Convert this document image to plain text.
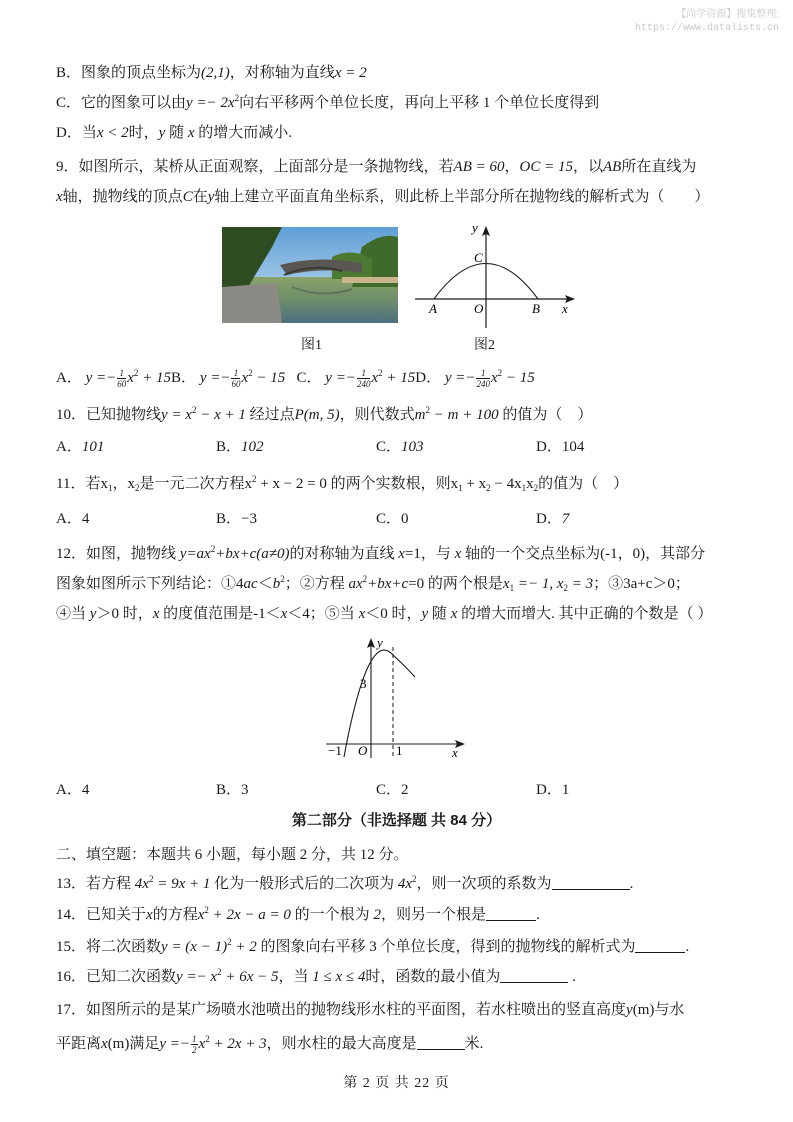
【尚学资源】搜集整理:
https://www.datalists.cn
B．图象的顶点坐标为(2,1)，对称轴为直线x = 2
C．它的图象可以由$y =- 2x^2$向右平移两个单位长度，再向上平移 1 个单位长度得到
D．当x < 2时，y 随 x 的增大而减小.
9．如图所示，某桥从正面观察，上面部分是一条抛物线，若AB = 60，OC = 15，以AB所在直线为
x轴，抛物线的顶点C在y轴上建立平面直角坐标系，则此桥上半部分所在抛物线的解析式为（　　）
图1
y
C
A	O	B x
图2
A． $y =- \frac{1}{60} x^2 + 15B$． $y =- \frac{1}{60} x^2 - 15$ C． $y =- \frac{1}{240} x^2 + 15D$． $y =- \frac{1}{240} x^2 - 15$
10．已知抛物线$y = x^2 - x + 1$ 经过点P(m, 5)，则代数式$m^2 - m + 100$ 的值为（　）
A．101	B．102	C．103	D．104
11．若$x_1$，$x_2$是一元二次方程$x^2 + x - 2 = 0$ 的两个实数根，则$x_1 + x_2 - 4x_1x_2$的值为（　）
A．4	B．−3	C．0	D．7
12．如图，抛物线 $y=ax^2+bx+c(a\ne 0)$的对称轴为直线 x=1，与 x 轴的一个交点坐标为(-1，0)，其部分
图象如图所示下列结论：$①4ac<b^2$；②方程 $ax^2+bx+c=0$ 的两个根是$x_1 =- 1$, $x_2 = 3$；③3a+c＞0；
④当 y＞0 时，x 的度值范围是-1＜x＜4；⑤当 x＜0 时，y 随 x 的增大而增大. 其中正确的个数是（ ）
y
3
−1 O 1	x
A．4	B．3	C．2	D．1
第二部分（非选择题 共 84 分）
二、填空题：本题共 6 小题，每小题 2 分，共 12 分。
13．若方程 $4x^2 = 9x + 1$ 化为一般形式后的二次项为 $4x^2$，则一次项的系数为	.
14．已知关于x的方程$x^2 + 2x - a = 0$ 的一个根为 2，则另一个根是	.
15．将二次函数$y = (x - 1)^2 + 2$ 的图象向右平移 3 个单位长度，得到的抛物线的解析式为	.
16．已知二次函数$y =- x^2 + 6x - 5$，当 1 ≤ x ≤ 4时，函数的最小值为	.
17．如图所示的是某广场喷水池喷出的抛物线形水柱的平面图，若水柱喷出的竖直高度y(m)与水
平距离x(m)满足$y =- \frac{1}{2} x^2 + 2x + 3$，则水柱的最大高度是	米.
第 2 页 共 22 页
